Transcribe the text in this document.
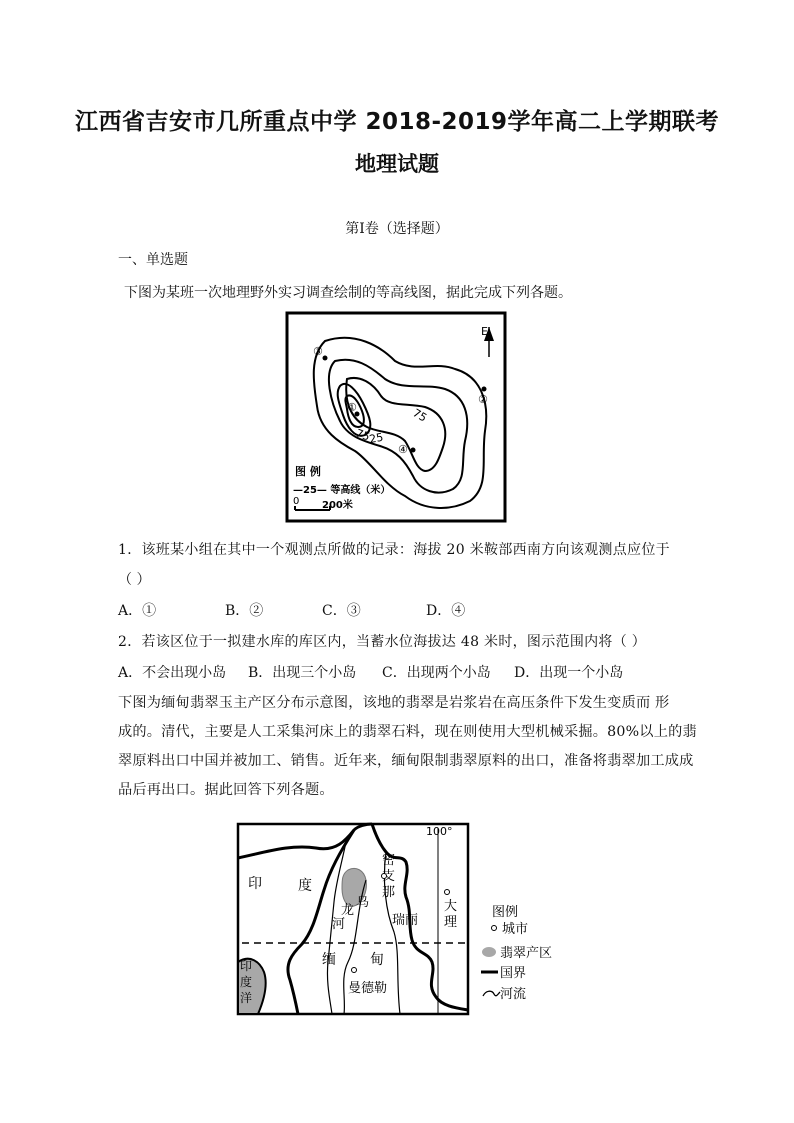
江西省吉安市几所重点中学 2018-2019学年高二上学期联考
地理试题
第Ⅰ卷（选择题）
一、单选题
下图为某班一次地理野外实习调查绘制的等高线图，据此完成下列各题。
E
75
75
25
③
②
①
④
图 例
—25— 等高线（米）
0 200米
1．该班某小组在其中一个观测点所做的记录：海拔 20 米鞍部西南方向该观测点应位于
（ ）
A．①	B．②	C．③	D．④
2．若该区位于一拟建水库的库区内，当蓄水位海拔达 48 米时，图示范围内将（ ）
A．不会出现小岛 B．出现三个小岛 C．出现两个小岛 D．出现一个小岛
下图为缅甸翡翠玉主产区分布示意图，该地的翡翠是岩浆岩在高压条件下发生变质而 形
成的。清代，主要是人工采集河床上的翡翠石料，现在则使用大型机械采掘。80%以上的翡
翠原料出口中国并被加工、销售。近年来，缅甸限制翡翠原料的出口，准备将翡翠加工成成
品后再出口。据此回答下列各题。
100°
印	度
密
支
那
乌
龙
河	瑞丽
大
理
缅 甸
曼德勒
印
度
洋
图例
城市
翡翠产区
国界
河流
